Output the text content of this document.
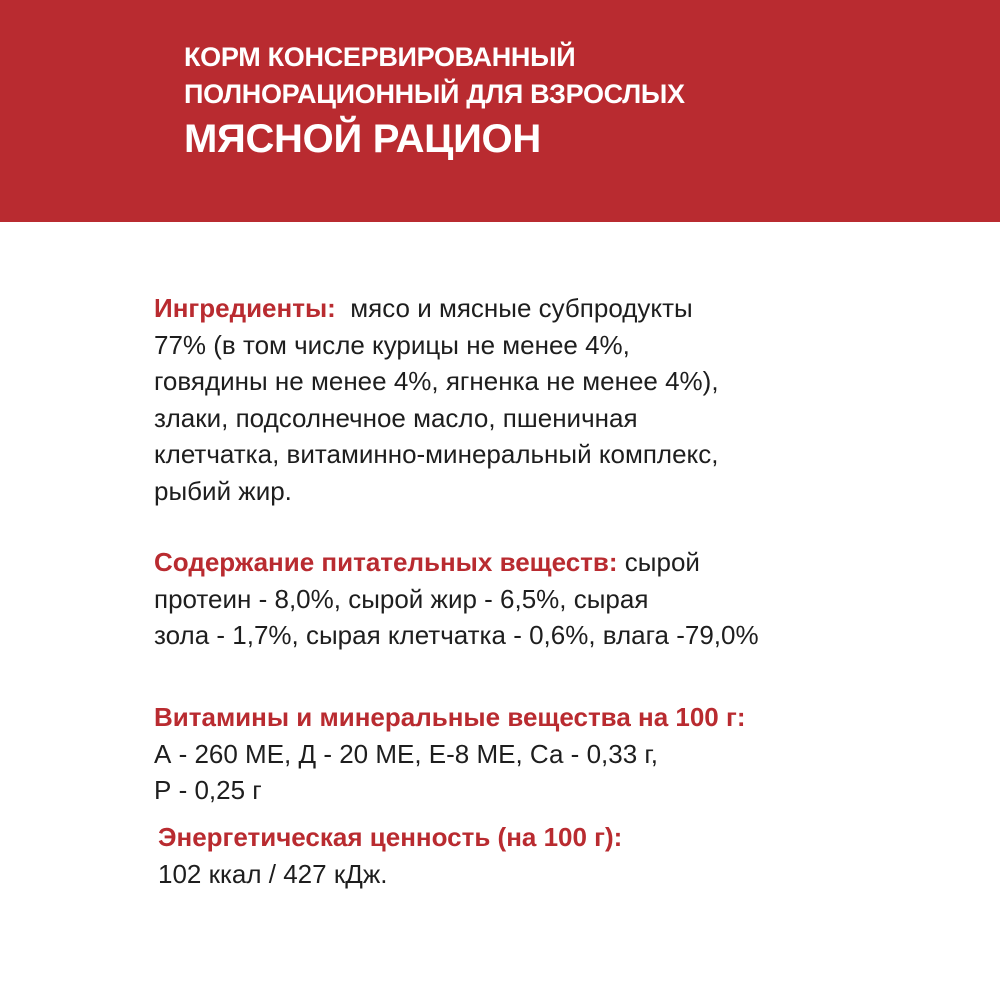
КОРМ КОНСЕРВИРОВАННЫЙ
ПОЛНОРАЦИОННЫЙ ДЛЯ ВЗРОСЛЫХ
МЯСНОЙ РАЦИОН
Ингредиенты: мясо и мясные субпродукты
77% (в том числе курицы не менее 4%,
говядины не менее 4%, ягненка не менее 4%),
злаки, подсолнечное масло, пшеничная
клетчатка, витаминно-минеральный комплекс,
рыбий жир.
Содержание питательных веществ: сырой
протеин - 8,0%, сырой жир - 6,5%, сырая
зола - 1,7%, сырая клетчатка - 0,6%, влага -79,0%
Витамины и минеральные вещества на 100 г:
А - 260 МЕ, Д - 20 МЕ, Е-8 МЕ, Са - 0,33 г,
Р - 0,25 г
Энергетическая ценность (на 100 г):
102 ккал / 427 кДж.
